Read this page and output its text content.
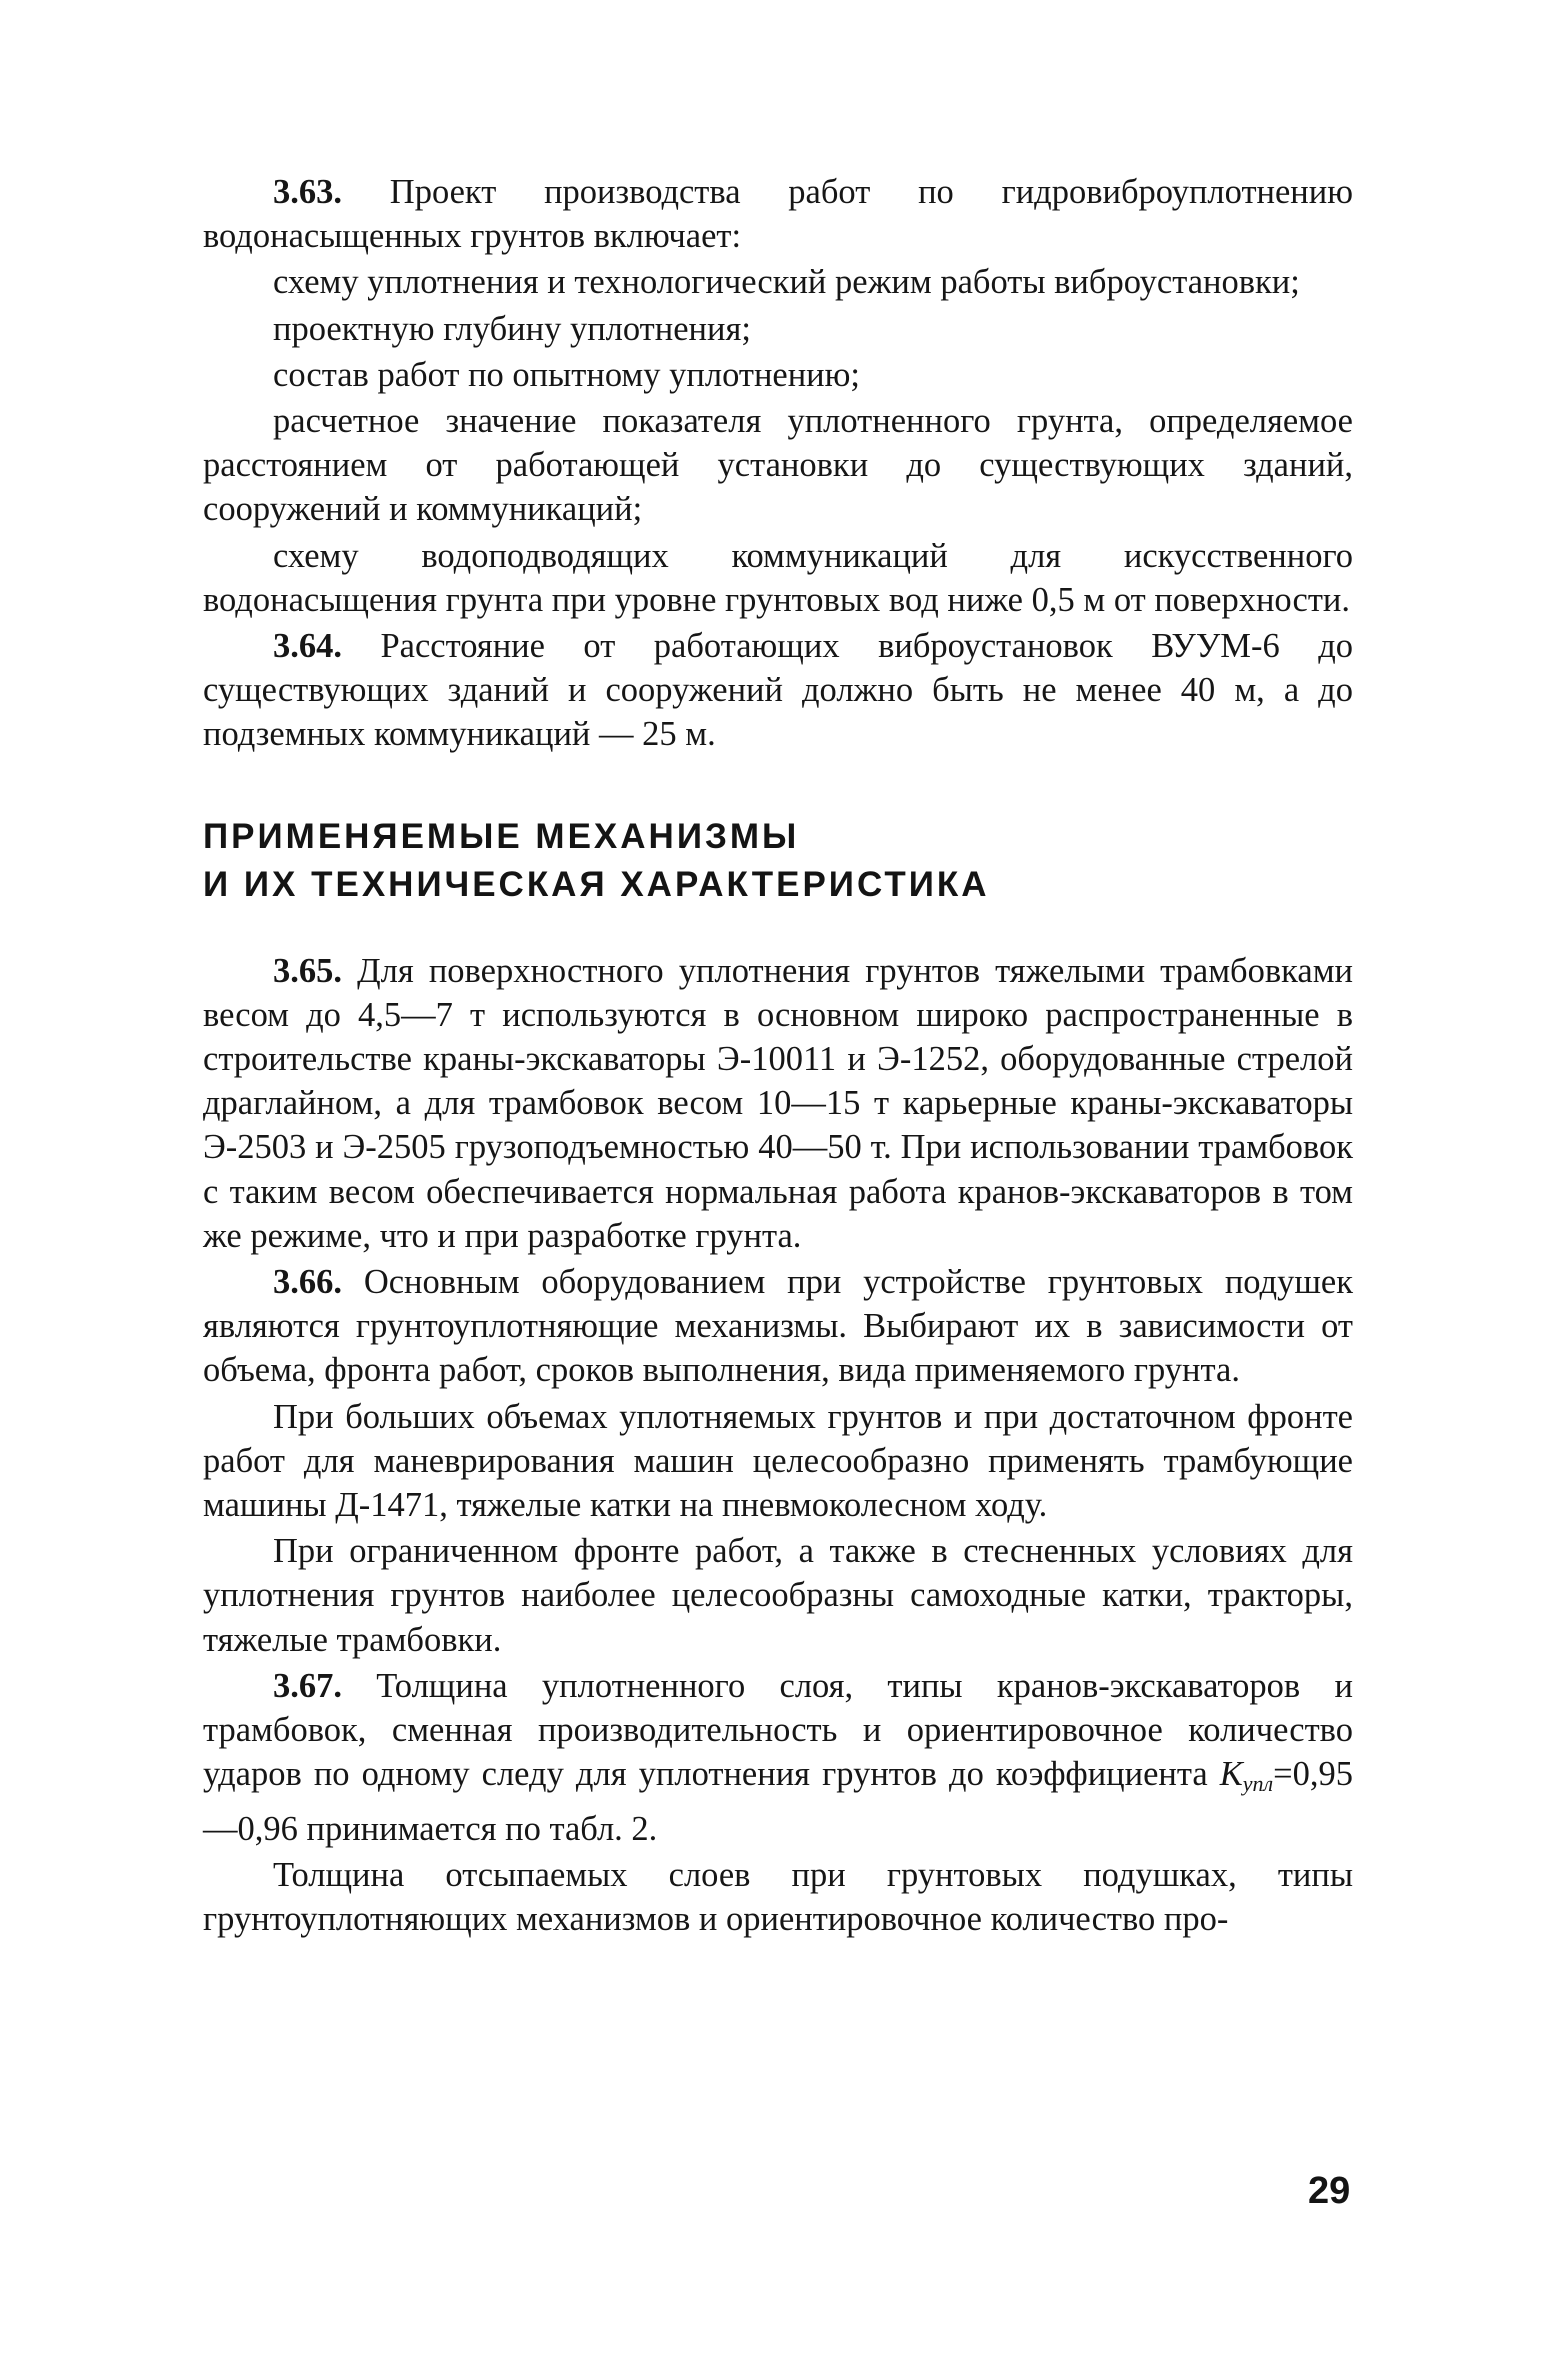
3.63. Проект производства работ по гидровиброуплотнению водонасыщенных грунтов включает:

схему уплотнения и технологический режим работы виброустановки;

проектную глубину уплотнения;

состав работ по опытному уплотнению;

расчетное значение показателя уплотненного грунта, определяемое расстоянием от работающей установки до существующих зданий, сооружений и коммуникаций;

схему водоподводящих коммуникаций для искусственного водонасыщения грунта при уровне грунтовых вод ниже 0,5 м от поверхности.

3.64. Расстояние от работающих виброустановок ВУУМ-6 до существующих зданий и сооружений должно быть не менее 40 м, а до подземных коммуникаций — 25 м.

ПРИМЕНЯЕМЫЕ МЕХАНИЗМЫ
И ИХ ТЕХНИЧЕСКАЯ ХАРАКТЕРИСТИКА

3.65. Для поверхностного уплотнения грунтов тяжелыми трамбовками весом до 4,5—7 т используются в основном широко распространенные в строительстве краны-экскаваторы Э-10011 и Э-1252, оборудованные стрелой драглайном, а для трамбовок весом 10—15 т карьерные краны-экскаваторы Э-2503 и Э-2505 грузоподъемностью 40—50 т. При использовании трамбовок с таким весом обеспечивается нормальная работа кранов-экскаваторов в том же режиме, что и при разработке грунта.

3.66. Основным оборудованием при устройстве грунтовых подушек являются грунтоуплотняющие механизмы. Выбирают их в зависимости от объема, фронта работ, сроков выполнения, вида применяемого грунта.

При больших объемах уплотняемых грунтов и при достаточном фронте работ для маневрирования машин целесообразно применять трамбующие машины Д-1471, тяжелые катки на пневмоколесном ходу.

При ограниченном фронте работ, а также в стесненных условиях для уплотнения грунтов наиболее целесообразны самоходные катки, тракторы, тяжелые трамбовки.

3.67. Толщина уплотненного слоя, типы кранов-экскаваторов и трамбовок, сменная производительность и ориентировочное количество ударов по одному следу для уплотнения грунтов до коэффициента $K_{упл}=0,95—0,96$ принимается по табл. 2.

Толщина отсыпаемых слоев при грунтовых подушках, типы грунтоуплотняющих механизмов и ориентировочное количество про-

29
